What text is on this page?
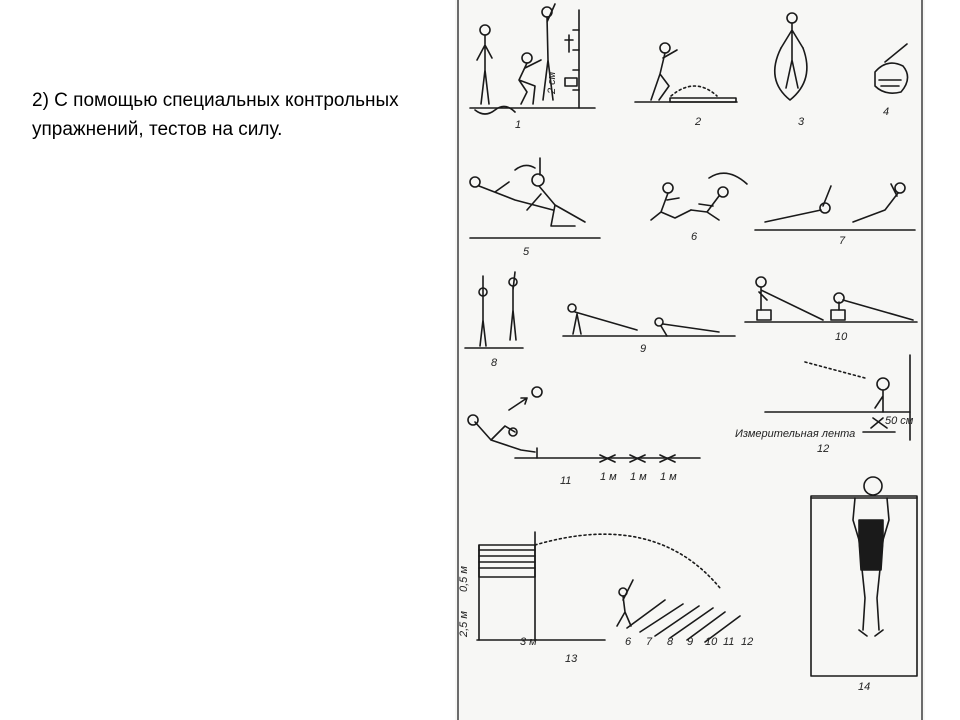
2) С помощью специальных контрольных упражнений, тестов на силу.	1
2 см
2	3
4
5
6	7
8
9
10
1 м 1 м 1 м
11
50 см
Измерительная лента
12
0,5 м
2,5 м
3 м	6 7 8 9 10 11 12
13
14
